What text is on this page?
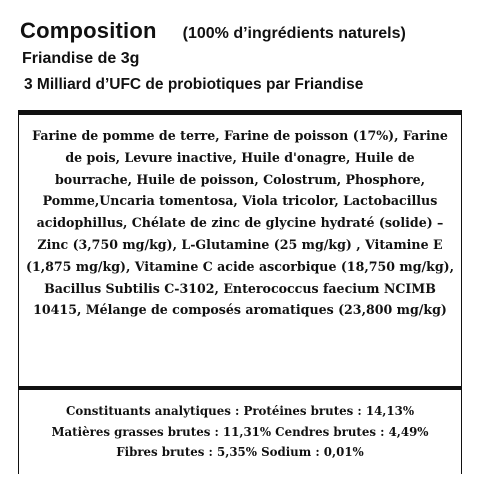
Composition (100% d’ingrédients naturels)
Friandise de 3g
3 Milliard d’UFC de probiotiques par Friandise
Farine de pomme de terre, Farine de poisson (17%), Farine de pois, Levure inactive, Huile d'onagre, Huile de bourrache, Huile de poisson, Colostrum, Phosphore, Pomme,Uncaria tomentosa, Viola tricolor, Lactobacillus acidophillus, Chélate de zinc de glycine hydraté (solide) – Zinc (3,750 mg/kg), L-Glutamine (25 mg/kg) , Vitamine E (1,875 mg/kg), Vitamine C acide ascorbique (18,750 mg/kg), Bacillus Subtilis C-3102, Enterococcus faecium NCIMB 10415, Mélange de composés aromatiques (23,800 mg/kg)
Constituants analytiques : Protéines brutes : 14,13%
Matières grasses brutes : 11,31% Cendres brutes : 4,49%
Fibres brutes : 5,35% Sodium : 0,01%
